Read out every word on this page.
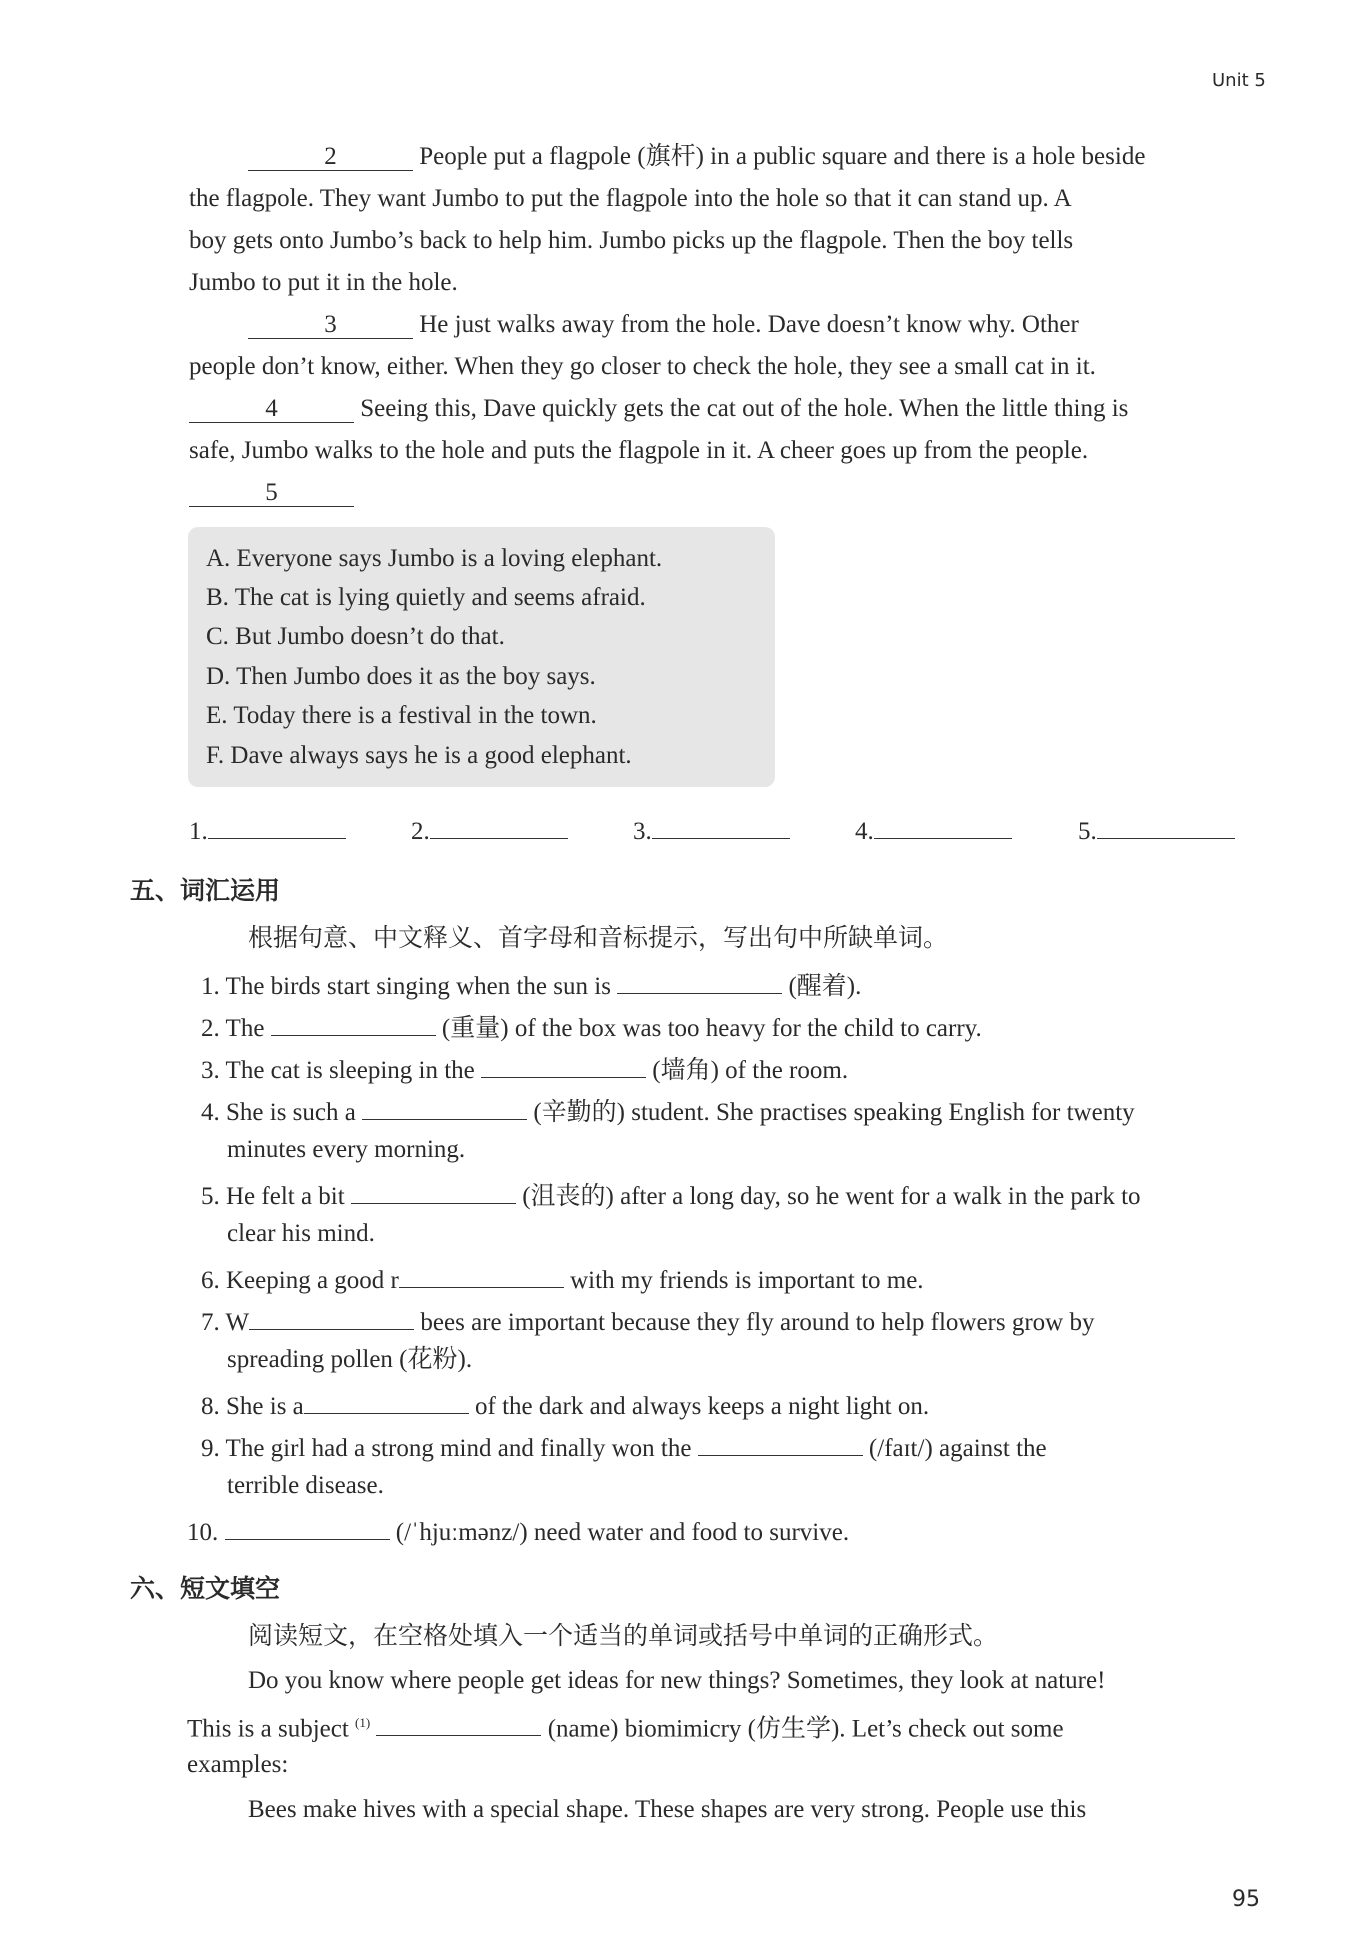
Unit 5
2	People put a flagpole (旗杆) in a public square and there is a hole beside
the flagpole. They want Jumbo to put the flagpole into the hole so that it can stand up. A
boy gets onto Jumbo’s back to help him. Jumbo picks up the flagpole. Then the boy tells
Jumbo to put it in the hole.
3	He just walks away from the hole. Dave doesn’t know why. Other
people don’t know, either. When they go closer to check the hole, they see a small cat in it.
4	Seeing this, Dave quickly gets the cat out of the hole. When the little thing is
safe, Jumbo walks to the hole and puts the flagpole in it. A cheer goes up from the people.
5
A. Everyone says Jumbo is a loving elephant.
B. The cat is lying quietly and seems afraid.
C. But Jumbo doesn’t do that.
D. Then Jumbo does it as the boy says.
E. Today there is a festival in the town.
F. Dave always says he is a good elephant.
1.	2.	3.	4.	5.
五、词汇运用
根据句意、中文释义、首字母和音标提示，写出句中所缺单词。
1. The birds start singing when the sun is	(醒着).
2. The	(重量) of the box was too heavy for the child to carry.
3. The cat is sleeping in the	(墙角) of the room.
4. She is such a	(辛勤的) student. She practises speaking English for twenty
minutes every morning.
5. He felt a bit	(沮丧的) after a long day, so he went for a walk in the park to
clear his mind.
6. Keeping a good r	with my friends is important to me.
7. W	bees are important because they fly around to help flowers grow by
spreading pollen (花粉).
8. She is a	of the dark and always keeps a night light on.
9. The girl had a strong mind and finally won the	(/faɪt/) against the
terrible disease.
10.	(/ˈhjuːmənz/) need water and food to survive.
六、短文填空
阅读短文，在空格处填入一个适当的单词或括号中单词的正确形式。
Do you know where people get ideas for new things? Sometimes, they look at nature!
This is a subject $^{(1)}$	(name) biomimicry (仿生学). Let’s check out some
examples:
Bees make hives with a special shape. These shapes are very strong. People use this
95
